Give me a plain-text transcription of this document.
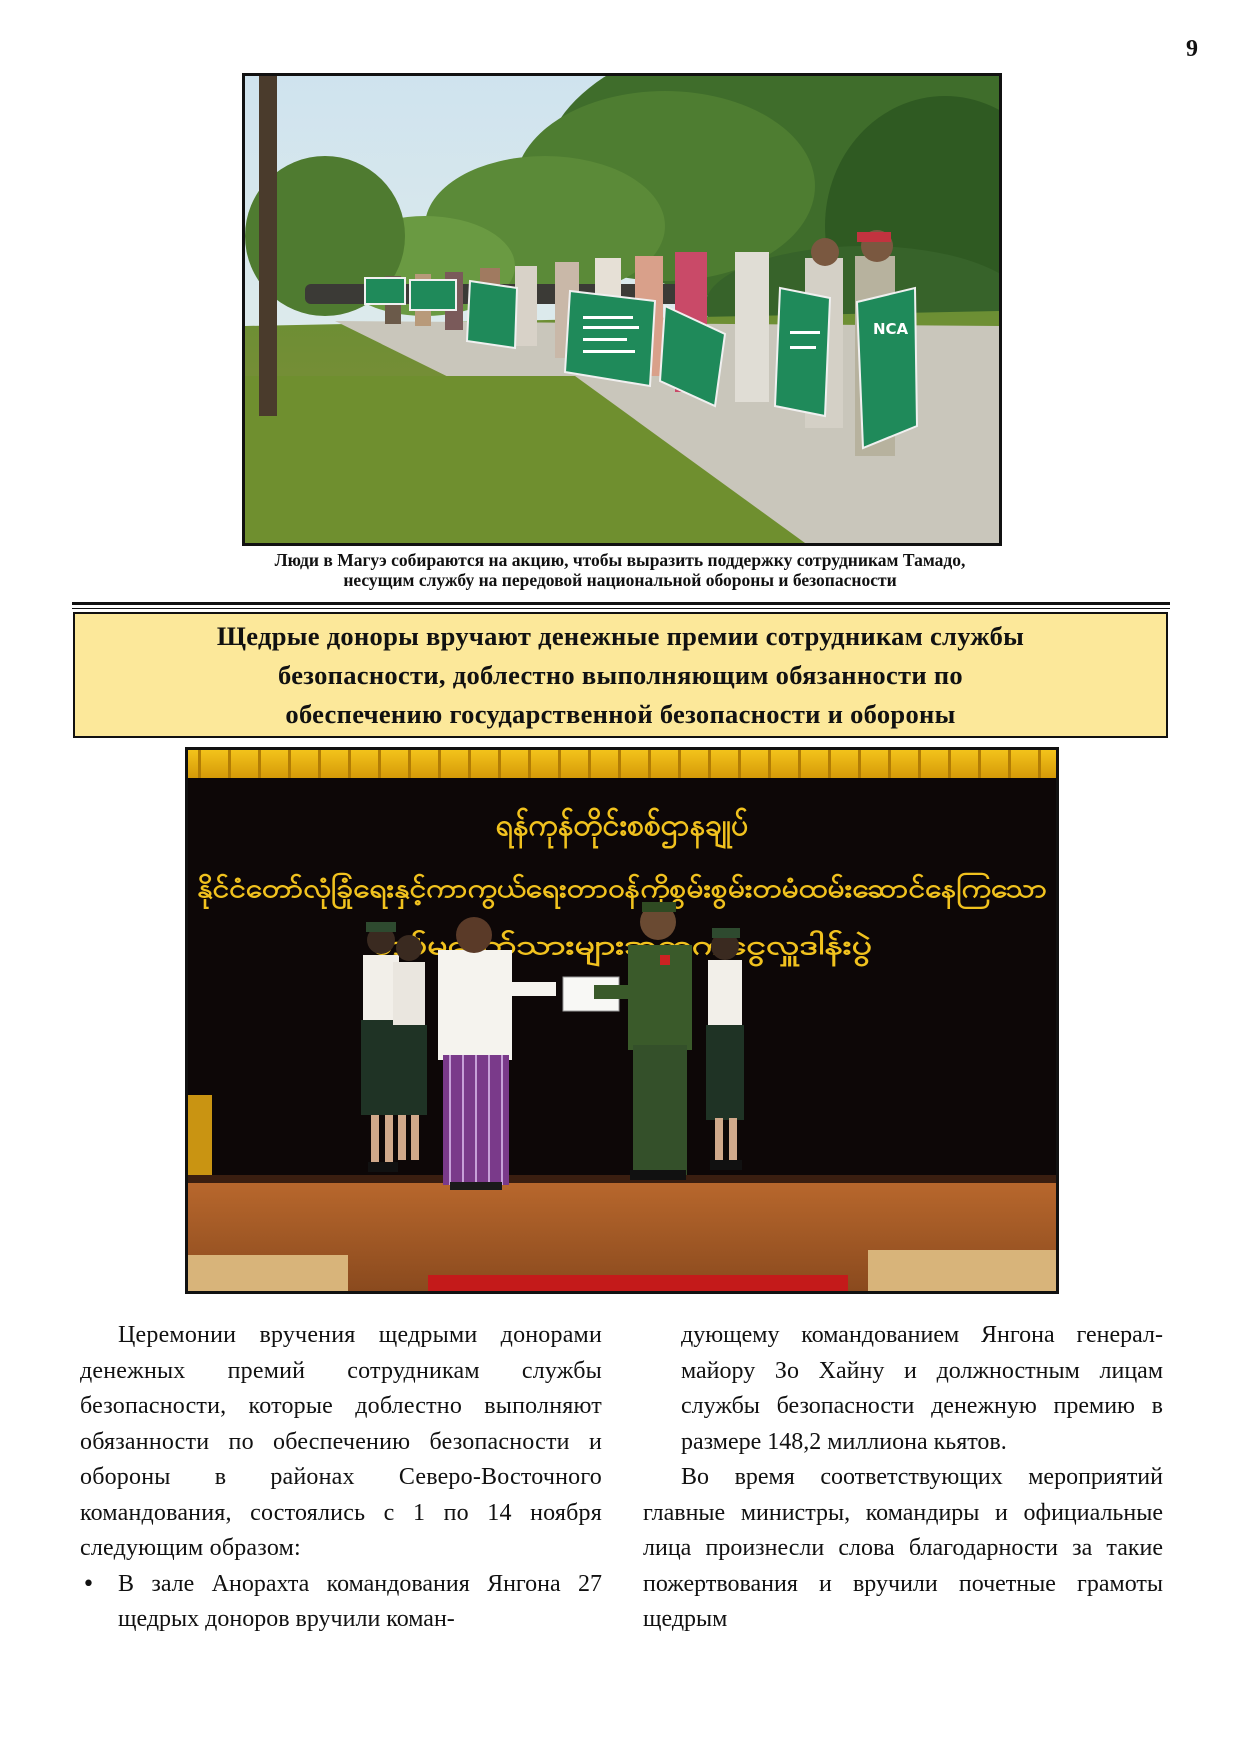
9
NCA
Люди в Магуэ собираются на акцию, чтобы выразить поддержку сотрудникам Тамадо,
несущим службу на передовой национальной обороны и безопасности
Щедрые доноры вручают денежные премии сотрудникам службы
безопасности, доблестно выполняющим обязанности по
обеспечению государственной безопасности и обороны
ရန်ကုန်တိုင်းစစ်ဌာနချုပ်
နိုင်ငံတော်လုံခြုံရေးနှင့်ကာကွယ်ရေးတာဝန်ကိုစွမ်းစွမ်းတမံထမ်းဆောင်နေကြသော
တပ်မတော်သားများအတွက်ငွေလှူဒါန်းပွဲ

Церемонии вручения щедрыми донорами денежных премий сотрудникам службы безопасности, которые доблестно выполняют обязанности по обеспечению безопасности и обороны в районах Северо-Восточного командования, состоялись с 1 по 14 ноября следующим образом:

• В зале Анорахта командования Янгона 27 щедрых доноров вручили коман-
дующему командованием Янгона генерал-майору Зо Хайну и должностным лицам службы безопасности денежную премию в размере 148,2 миллиона кьятов.

Во время соответствующих мероприятий главные министры, командиры и официальные лица произнесли слова благодарности за такие пожертвования и вручили почетные грамоты щедрым
